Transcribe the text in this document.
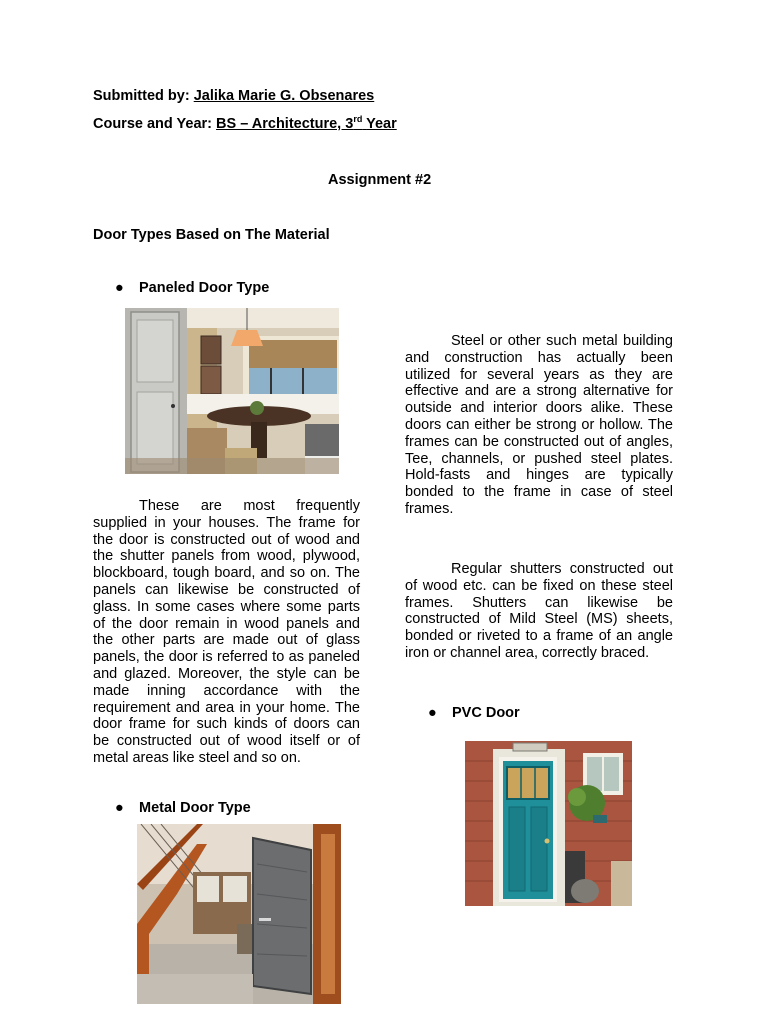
Submitted by: Jalika Marie G. Obsenares
Course and Year: BS – Architecture, 3rd Year
Assignment #2
Door Types Based on The Material
● Paneled Door Type

These are most frequently supplied in your houses. The frame for the door is constructed out of wood and the shutter panels from wood, plywood, blockboard, tough board, and so on. The panels can likewise be constructed of glass. In some cases where some parts of the door remain in wood panels and the other parts are made out of glass panels, the door is referred to as paneled and glazed. Moreover, the style can be made inning accordance with the requirement and area in your home. The door frame for such kinds of doors can be constructed out of wood itself or of metal areas like steel and so on.

● Metal Door Type

Steel or other such metal building and construction has actually been utilized for several years as they are effective and are a strong alternative for outside and interior doors alike. These doors can either be strong or hollow. The frames can be constructed out of angles, Tee, channels, or pushed steel plates. Hold-fasts and hinges are typically bonded to the frame in case of steel frames.

Regular shutters constructed out of wood etc. can be fixed on these steel frames. Shutters can likewise be constructed of Mild Steel (MS) sheets, bonded or riveted to a frame of an angle iron or channel area, correctly braced.

● PVC Door
